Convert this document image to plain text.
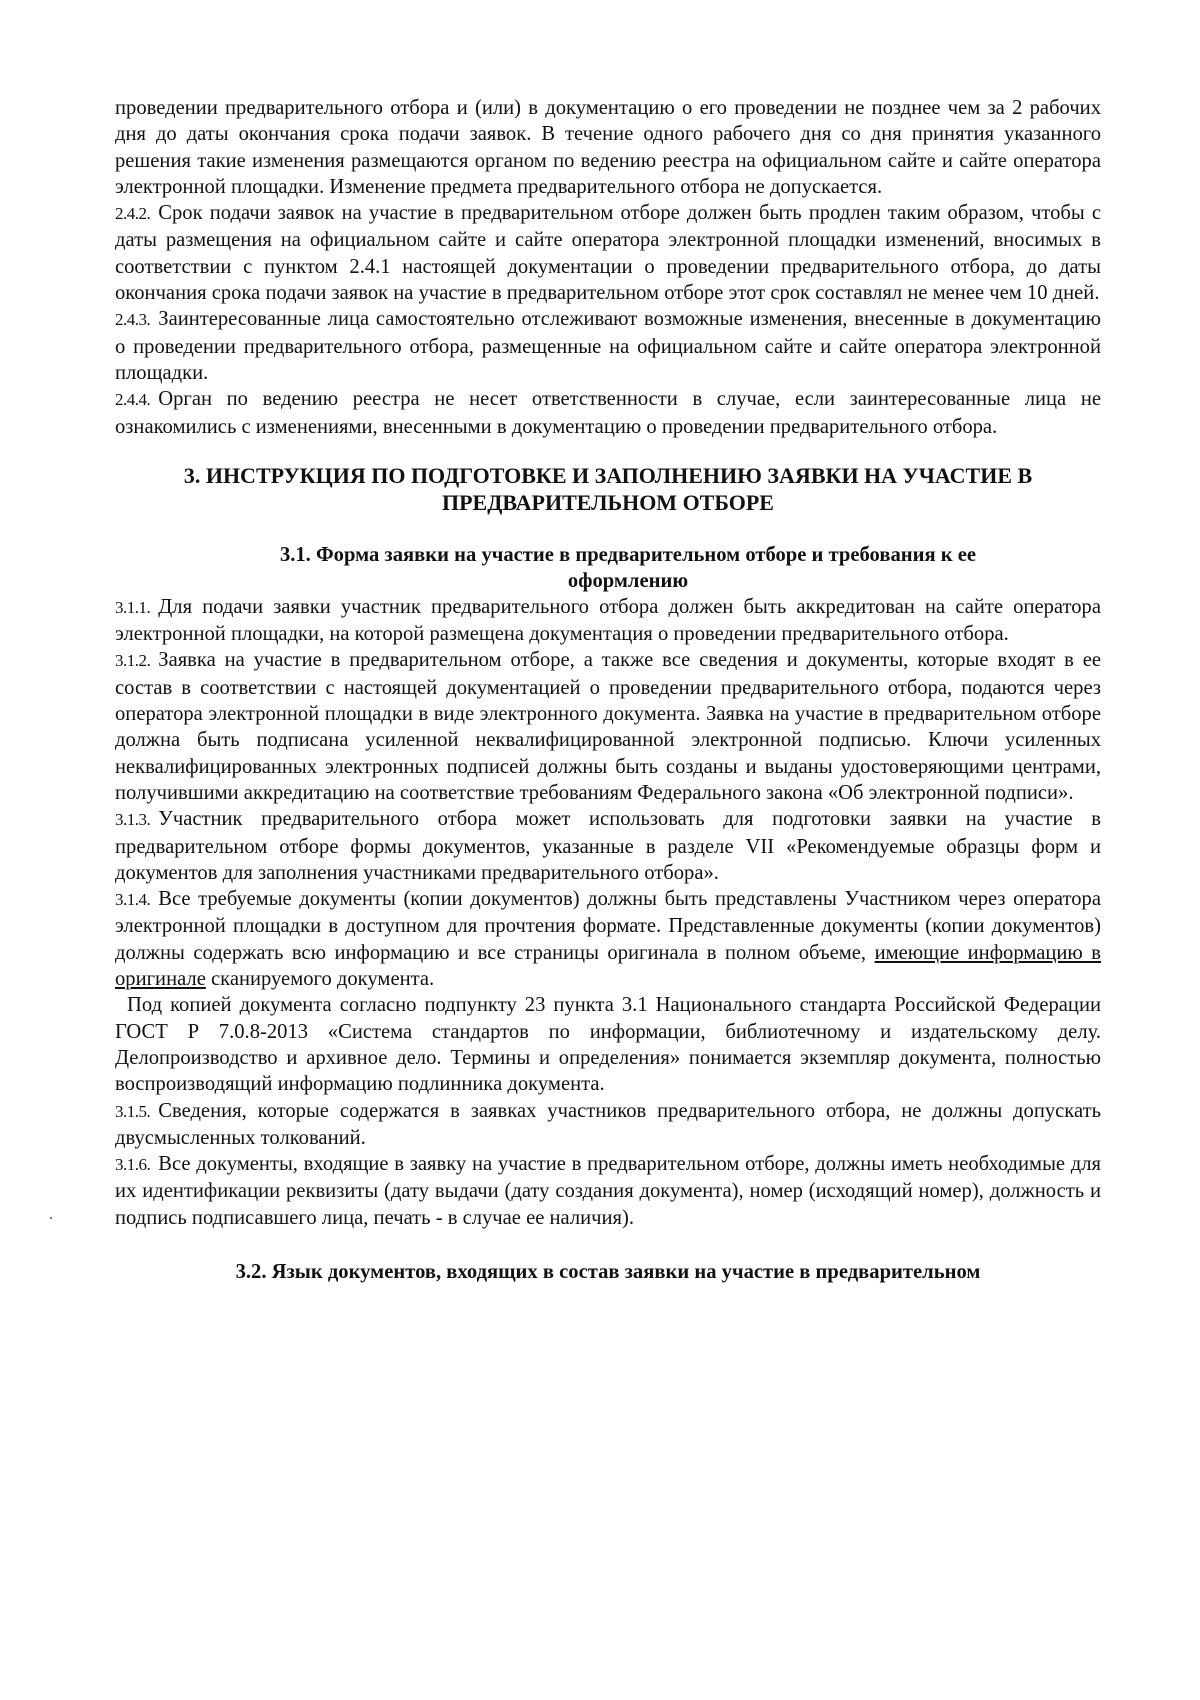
проведении предварительного отбора и (или) в документацию о его проведении не позднее чем за 2 рабочих дня до даты окончания срока подачи заявок. В течение одного рабочего дня со дня принятия указанного решения такие изменения размещаются органом по ведению реестра на официальном сайте и сайте оператора электронной площадки. Изменение предмета предварительного отбора не допускается.

2.4.2. Срок подачи заявок на участие в предварительном отборе должен быть продлен таким образом, чтобы с даты размещения на официальном сайте и сайте оператора электронной площадки изменений, вносимых в соответствии с пунктом 2.4.1 настоящей документации о проведении предварительного отбора, до даты окончания срока подачи заявок на участие в предварительном отборе этот срок составлял не менее чем 10 дней.

2.4.3. Заинтересованные лица самостоятельно отслеживают возможные изменения, внесенные в документацию о проведении предварительного отбора, размещенные на официальном сайте и сайте оператора электронной площадки.

2.4.4. Орган по ведению реестра не несет ответственности в случае, если заинтересованные лица не ознакомились с изменениями, внесенными в документацию о проведении предварительного отбора.

3. ИНСТРУКЦИЯ ПО ПОДГОТОВКЕ И ЗАПОЛНЕНИЮ ЗАЯВКИ НА УЧАСТИЕ В
ПРЕДВАРИТЕЛЬНОМ ОТБОРЕ
3.1. Форма заявки на участие в предварительном отборе и требования к ее
оформлению

3.1.1. Для подачи заявки участник предварительного отбора должен быть аккредитован на сайте оператора электронной площадки, на которой размещена документация о проведении предварительного отбора.

3.1.2. Заявка на участие в предварительном отборе, а также все сведения и документы, которые входят в ее состав в соответствии с настоящей документацией о проведении предварительного отбора, подаются через оператора электронной площадки в виде электронного документа. Заявка на участие в предварительном отборе должна быть подписана усиленной неквалифицированной электронной подписью. Ключи усиленных неквалифицированных электронных подписей должны быть созданы и выданы удостоверяющими центрами, получившими аккредитацию на соответствие требованиям Федерального закона «Об электронной подписи».

3.1.3. Участник предварительного отбора может использовать для подготовки заявки на участие в предварительном отборе формы документов, указанные в разделе VII «Рекомендуемые образцы форм и документов для заполнения участниками предварительного отбора».

3.1.4. Все требуемые документы (копии документов) должны быть представлены Участником через оператора электронной площадки в доступном для прочтения формате. Представленные документы (копии документов) должны содержать всю информацию и все страницы оригинала в полном объеме, имеющие информацию в оригинале сканируемого документа.

Под копией документа согласно подпункту 23 пункта 3.1 Национального стандарта Российской Федерации ГОСТ Р 7.0.8-2013 «Система стандартов по информации, библиотечному и издательскому делу. Делопроизводство и архивное дело. Термины и определения» понимается экземпляр документа, полностью воспроизводящий информацию подлинника документа.

3.1.5. Сведения, которые содержатся в заявках участников предварительного отбора, не должны допускать двусмысленных толкований.

3.1.6. Все документы, входящие в заявку на участие в предварительном отборе, должны иметь необходимые для их идентификации реквизиты (дату выдачи (дату создания документа), номер (исходящий номер), должность и подпись подписавшего лица, печать - в случае ее наличия).

3.2. Язык документов, входящих в состав заявки на участие в предварительном
